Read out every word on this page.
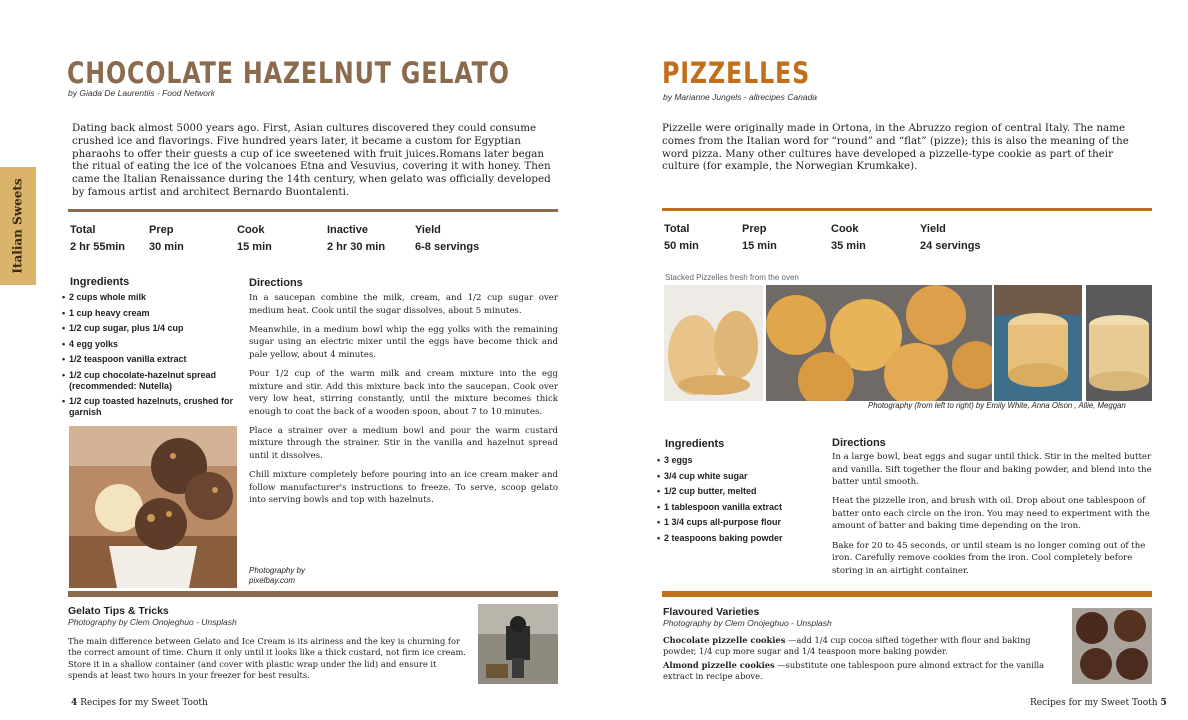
Italian Sweets
CHOCOLATE HAZELNUT GELATO
by Giada De Laurentiis - Food Network
Dating back almost 5000 years ago. First, Asian cultures discovered they could consume crushed ice and flavorings. Five hundred years later, it became a custom for Egyptian pharaohs to offer their guests a cup of ice sweetened with fruit juices.Romans later began the ritual of eating the ice of the volcanoes Etna and Vesuvius, covering it with honey. Then came the Italian Renaissance during the 14th century, when gelato was officially developed by famous artist and architect Bernardo Buontalenti.
Total
2 hr 55min
Prep
30 min
Cook
15 min
Inactive
2 hr 30 min
Yield
6-8 servings
Ingredients
• 2 cups whole milk
• 1 cup heavy cream
• 1/2 cup sugar, plus 1/4 cup
• 4 egg yolks
• 1/2 teaspoon vanilla extract
• 1/2 cup chocolate-hazelnut spread (recommended: Nutella)
• 1/2 cup toasted hazelnuts, crushed for garnish
Directions

In a saucepan combine the milk, cream, and 1/2 cup sugar over medium heat. Cook until the sugar dissolves, about 5 minutes.

Meanwhile, in a medium bowl whip the egg yolks with the remaining sugar using an electric mixer until the eggs have become thick and pale yellow, about 4 minutes.

Pour 1/2 cup of the warm milk and cream mixture into the egg mixture and stir. Add this mixture back into the saucepan. Cook over very low heat, stirring constantly, until the mixture becomes thick enough to coat the back of a wooden spoon, about 7 to 10 minutes.

Place a strainer over a medium bowl and pour the warm custard mixture through the strainer. Stir in the vanilla and hazelnut spread until it dissolves.

Chill mixture completely before pouring into an ice cream maker and follow manufacturer's instructions to freeze. To serve, scoop gelato into serving bowls and top with hazelnuts.

Photography by
pixelbay.com
Gelato Tips & Tricks
Photography by Clem Onojeghuo - Unsplash
The main difference between Gelato and Ice Cream is its airiness and the key is churning for the correct amount of time. Churn it only until it looks like a thick custard, not firm ice cream. Store it in a shallow container (and cover with plastic wrap under the lid) and ensure it spends at least two hours in your freezer for best results.
4 Recipes for my Sweet Tooth
PIZZELLES
by Marianne Jungels - allrecipes Canada
Pizzelle were originally made in Ortona, in the Abruzzo region of central Italy. The name comes from the Italian word for “round” and “flat” (pizze); this is also the meaning of the word pizza. Many other cultures have developed a pizzelle-type cookie as part of their culture (for example, the Norwegian Krumkake).
Total
50 min
Prep
15 min
Cook
35 min
Yield
24 servings
Stacked Pizzelles fresh from the oven
Photography (from left to right) by Emily White, Anna Olson , Allie, Meggan
Ingredients
• 3 eggs
• 3/4 cup white sugar
• 1/2 cup butter, melted
• 1 tablespoon vanilla extract
• 1 3/4 cups all-purpose flour
• 2 teaspoons baking powder
Directions

In a large bowl, beat eggs and sugar until thick. Stir in the melted butter and vanilla. Sift together the flour and baking powder, and blend into the batter until smooth.

Heat the pizzelle iron, and brush with oil. Drop about one tablespoon of batter onto each circle on the iron. You may need to experiment with the amount of batter and baking time depending on the iron.

Bake for 20 to 45 seconds, or until steam is no longer coming out of the iron. Carefully remove cookies from the iron. Cool completely before storing in an airtight container.

Flavoured Varieties
Photography by Clem Onojeghuo - Unsplash

Chocolate pizzelle cookies —add 1/4 cup cocoa sifted together with flour and baking powder, 1/4 cup more sugar and 1/4 teaspoon more baking powder.

Almond pizzelle cookies —substitute one tablespoon pure almond extract for the vanilla extract in recipe above.

Recipes for my Sweet Tooth 5
